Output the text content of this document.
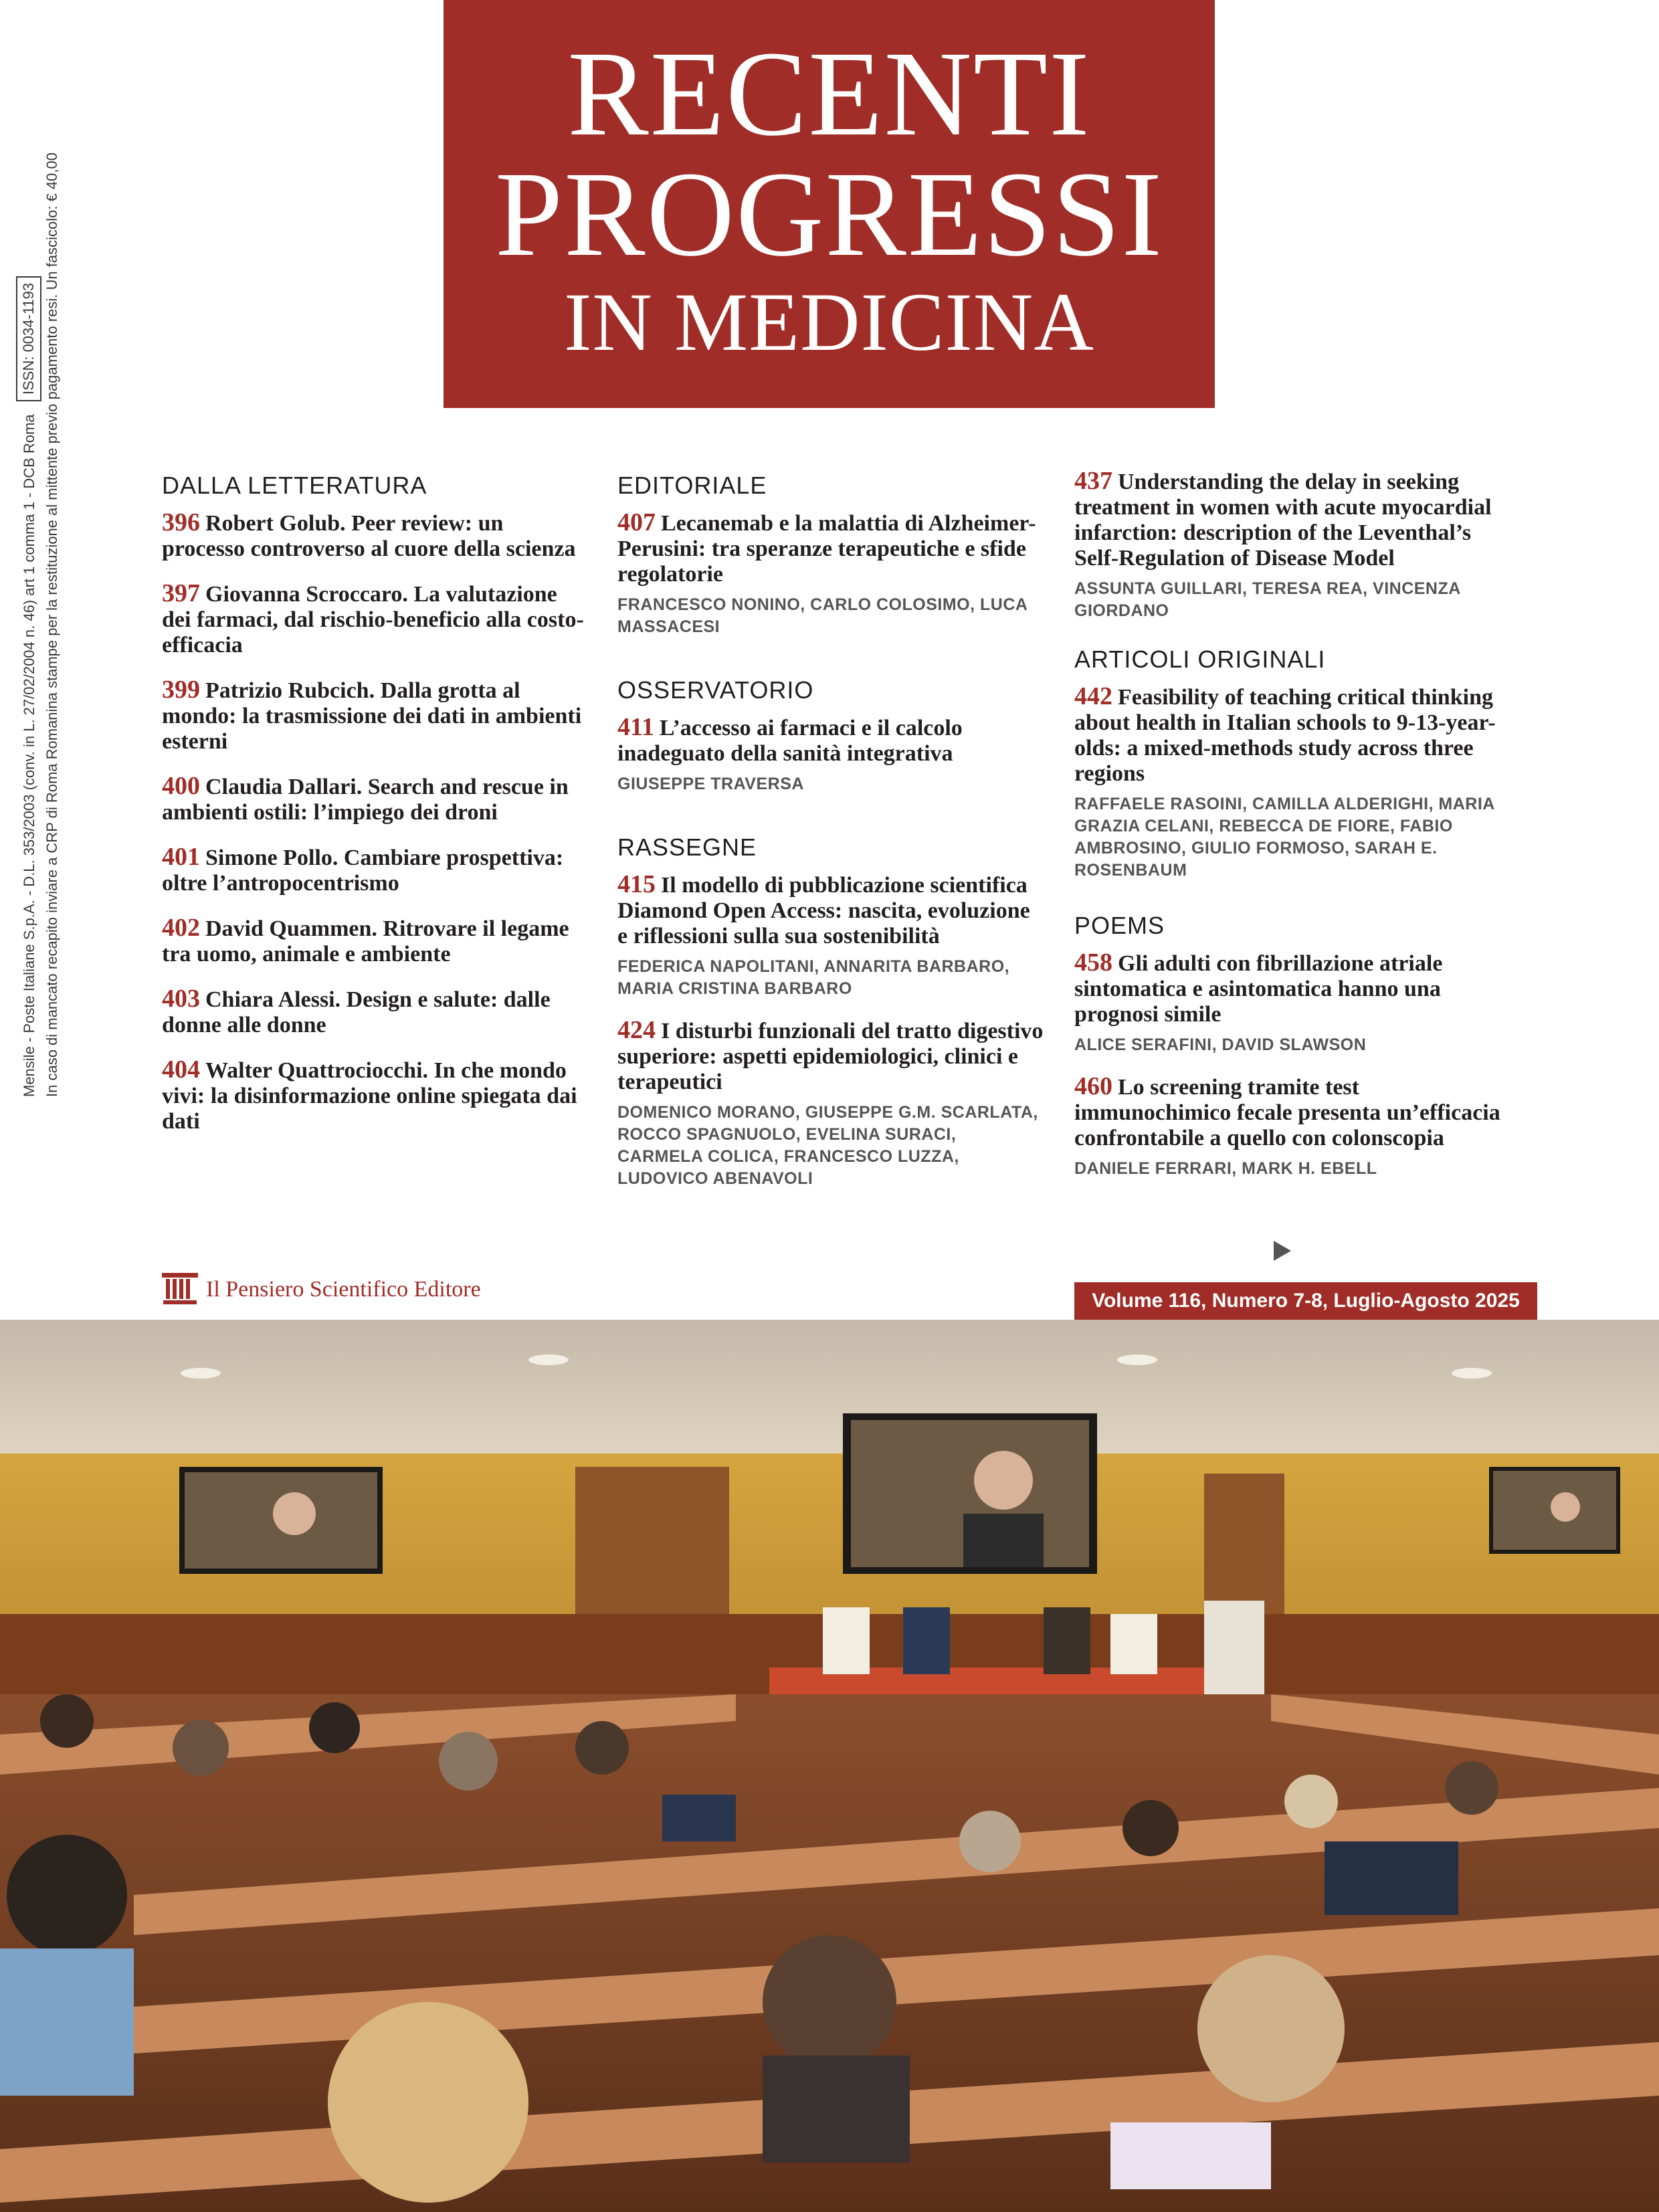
RECENTI
PROGRESSI
IN MEDICINA
Mensile - Poste Italiane S.p.A. - D.L. 353/2003 (conv. in L. 27/02/2004 n. 46) art 1 comma 1 - DCB Roma In caso di mancato recapito inviare a CRP di Roma Romanina stampe per la restituzione al mittente previo pagamento resi. Un fascicolo: € 40,00
ISSN: 0034-1193
DALLA LETTERATURA
396 Robert Golub. Peer review: un processo controverso al cuore della scienza
397 Giovanna Scroccaro. La valutazione dei farmaci, dal rischio-beneficio alla costo-efficacia
399 Patrizio Rubcich. Dalla grotta al mondo: la trasmissione dei dati in ambienti esterni
400 Claudia Dallari. Search and rescue in ambienti ostili: l’impiego dei droni
401 Simone Pollo. Cambiare prospettiva: oltre l’antropocentrismo
402 David Quammen. Ritrovare il legame tra uomo, animale e ambiente
403 Chiara Alessi. Design e salute: dalle donne alle donne
404 Walter Quattrociocchi. In che mondo vivi: la disinformazione online spiegata dai dati
EDITORIALE
407 Lecanemab e la malattia di Alzheimer-Perusini: tra speranze terapeutiche e sfide regolatorie
FRANCESCO NONINO, CARLO COLOSIMO, LUCA MASSACESI
OSSERVATORIO
411 L’accesso ai farmaci e il calcolo inadeguato della sanità integrativa
GIUSEPPE TRAVERSA
RASSEGNE
415 Il modello di pubblicazione scientifica Diamond Open Access: nascita, evoluzione e riflessioni sulla sua sostenibilità
FEDERICA NAPOLITANI, ANNARITA BARBARO, MARIA CRISTINA BARBARO
424 I disturbi funzionali del tratto digestivo superiore: aspetti epidemiologici, clinici e terapeutici
DOMENICO MORANO, GIUSEPPE G.M. SCARLATA, ROCCO SPAGNUOLO, EVELINA SURACI, CARMELA COLICA, FRANCESCO LUZZA, LUDOVICO ABENAVOLI
437 Understanding the delay in seeking treatment in women with acute myocardial infarction: description of the Leventhal’s Self-Regulation of Disease Model
ASSUNTA GUILLARI, TERESA REA, VINCENZA GIORDANO
ARTICOLI ORIGINALI
442 Feasibility of teaching critical thinking about health in Italian schools to 9-13-year-olds: a mixed-methods study across three regions
RAFFAELE RASOINI, CAMILLA ALDERIGHI, MARIA GRAZIA CELANI, REBECCA DE FIORE, FABIO AMBROSINO, GIULIO FORMOSO, SARAH E. ROSENBAUM
POEMS
458 Gli adulti con fibrillazione atriale sintomatica e asintomatica hanno una prognosi simile
ALICE SERAFINI, DAVID SLAWSON
460 Lo screening tramite test immunochimico fecale presenta un’efficacia confrontabile a quello con colonscopia
DANIELE FERRARI, MARK H. EBELL
Il Pensiero Scientifico Editore	Volume 116, Numero 7-8, Luglio-Agosto 2025
